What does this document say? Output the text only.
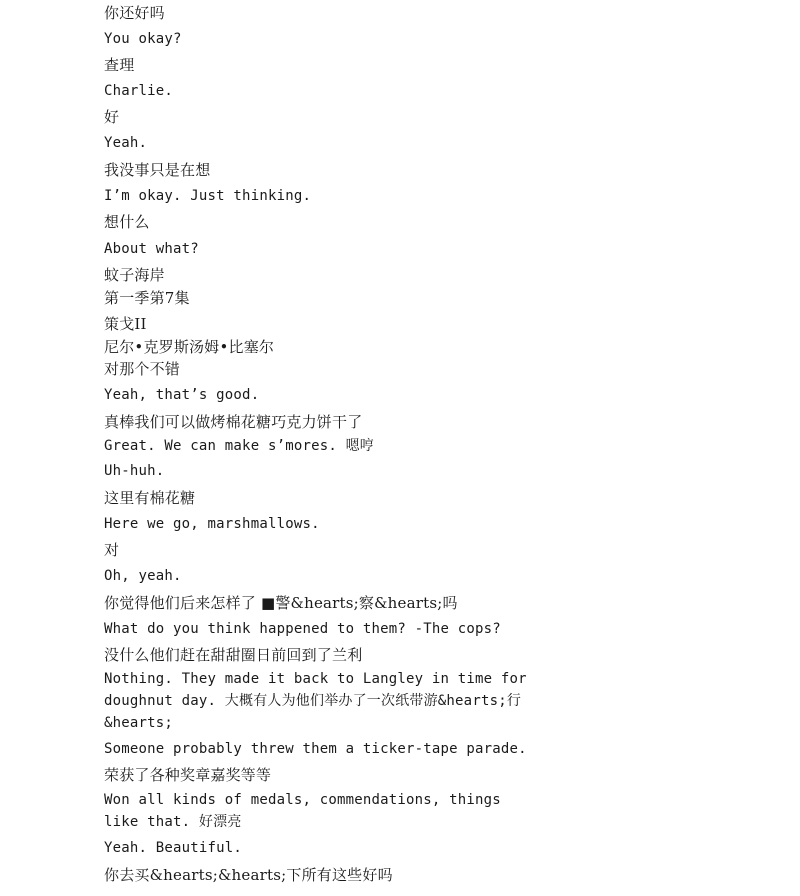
你还好吗
You okay?
查理
Charlie.
好
Yeah.
我没事只是在想
I’m okay. Just thinking.
想什么
About what?
蚊子海岸
第一季第7集
策戈II
尼尔•克罗斯汤姆•比塞尔
对那个不错
Yeah, that’s good.
真棒我们可以做烤棉花糖巧克力饼干了
Great. We can make s’mores. 嗯哼
Uh-huh.
这里有棉花糖
Here we go, marshmallows.
对
Oh, yeah.
你觉得他们后来怎样了 ■警&hearts;察&hearts;吗
What do you think happened to them? -The cops?
没什么他们赶在甜甜圈日前回到了兰利
Nothing. They made it back to Langley in time for doughnut day. 大概有人为他们举办了一次纸带游&hearts;行&hearts;
Someone probably threw them a ticker-tape parade.
荣获了各种奖章嘉奖等等
Won all kinds of medals, commendations, things like that. 好漂亮
Yeah. Beautiful.
你去买&hearts;&hearts;下所有这些好吗
